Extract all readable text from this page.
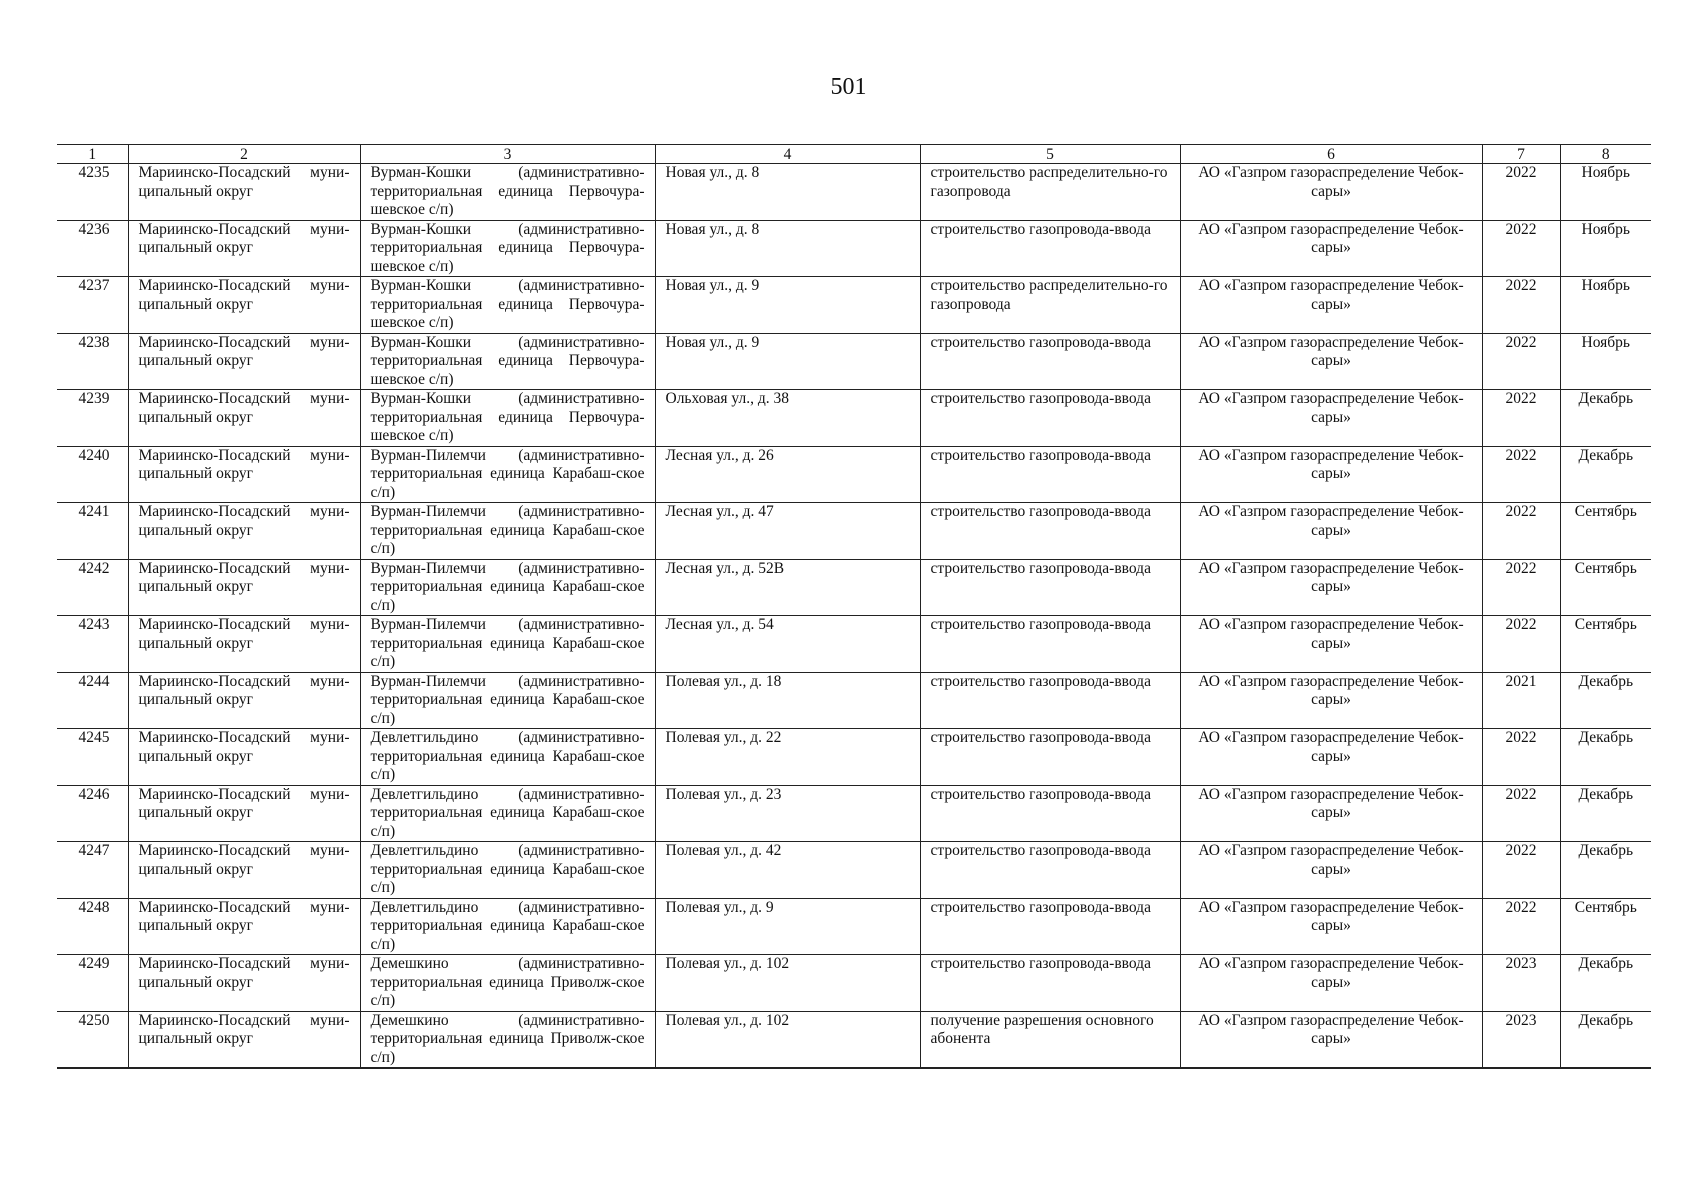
501
1	2	3	4	5	6	7	8
4235	Мариинско-Посадский муни-ципальный округ	Вурман-Кошки (административно-территориальная единица Первочура-шевское с/п)	Новая ул., д. 8	строительство распределительно-го газопровода	АО «Газпром газораспределение Чебок-сары»	2022	Ноябрь
4236	Мариинско-Посадский муни-ципальный округ	Вурман-Кошки (административно-территориальная единица Первочура-шевское с/п)	Новая ул., д. 8	строительство газопровода-ввода	АО «Газпром газораспределение Чебок-сары»	2022	Ноябрь
4237	Мариинско-Посадский муни-ципальный округ	Вурман-Кошки (административно-территориальная единица Первочура-шевское с/п)	Новая ул., д. 9	строительство распределительно-го газопровода	АО «Газпром газораспределение Чебок-сары»	2022	Ноябрь
4238	Мариинско-Посадский муни-ципальный округ	Вурман-Кошки (административно-территориальная единица Первочура-шевское с/п)	Новая ул., д. 9	строительство газопровода-ввода	АО «Газпром газораспределение Чебок-сары»	2022	Ноябрь
4239	Мариинско-Посадский муни-ципальный округ	Вурман-Кошки (административно-территориальная единица Первочура-шевское с/п)	Ольховая ул., д. 38	строительство газопровода-ввода	АО «Газпром газораспределение Чебок-сары»	2022	Декабрь
4240	Мариинско-Посадский муни-ципальный округ	Вурман-Пилемчи (административно-территориальная единица Карабаш-ское с/п)	Лесная ул., д. 26	строительство газопровода-ввода	АО «Газпром газораспределение Чебок-сары»	2022	Декабрь
4241	Мариинско-Посадский муни-ципальный округ	Вурман-Пилемчи (административно-территориальная единица Карабаш-ское с/п)	Лесная ул., д. 47	строительство газопровода-ввода	АО «Газпром газораспределение Чебок-сары»	2022	Сентябрь
4242	Мариинско-Посадский муни-ципальный округ	Вурман-Пилемчи (административно-территориальная единица Карабаш-ское с/п)	Лесная ул., д. 52В	строительство газопровода-ввода	АО «Газпром газораспределение Чебок-сары»	2022	Сентябрь
4243	Мариинско-Посадский муни-ципальный округ	Вурман-Пилемчи (административно-территориальная единица Карабаш-ское с/п)	Лесная ул., д. 54	строительство газопровода-ввода	АО «Газпром газораспределение Чебок-сары»	2022	Сентябрь
4244	Мариинско-Посадский муни-ципальный округ	Вурман-Пилемчи (административно-территориальная единица Карабаш-ское с/п)	Полевая ул., д. 18	строительство газопровода-ввода	АО «Газпром газораспределение Чебок-сары»	2021	Декабрь
4245	Мариинско-Посадский муни-ципальный округ	Девлетгильдино (административно-территориальная единица Карабаш-ское с/п)	Полевая ул., д. 22	строительство газопровода-ввода	АО «Газпром газораспределение Чебок-сары»	2022	Декабрь
4246	Мариинско-Посадский муни-ципальный округ	Девлетгильдино (административно-территориальная единица Карабаш-ское с/п)	Полевая ул., д. 23	строительство газопровода-ввода	АО «Газпром газораспределение Чебок-сары»	2022	Декабрь
4247	Мариинско-Посадский муни-ципальный округ	Девлетгильдино (административно-территориальная единица Карабаш-ское с/п)	Полевая ул., д. 42	строительство газопровода-ввода	АО «Газпром газораспределение Чебок-сары»	2022	Декабрь
4248	Мариинско-Посадский муни-ципальный округ	Девлетгильдино (административно-территориальная единица Карабаш-ское с/п)	Полевая ул., д. 9	строительство газопровода-ввода	АО «Газпром газораспределение Чебок-сары»	2022	Сентябрь
4249	Мариинско-Посадский муни-ципальный округ	Демешкино (административно-территориальная единица Приволж-ское с/п)	Полевая ул., д. 102	строительство газопровода-ввода	АО «Газпром газораспределение Чебок-сары»	2023	Декабрь
4250	Мариинско-Посадский муни-ципальный округ	Демешкино (административно-территориальная единица Приволж-ское с/п)	Полевая ул., д. 102	получение разрешения основного абонента	АО «Газпром газораспределение Чебок-сары»	2023	Декабрь
